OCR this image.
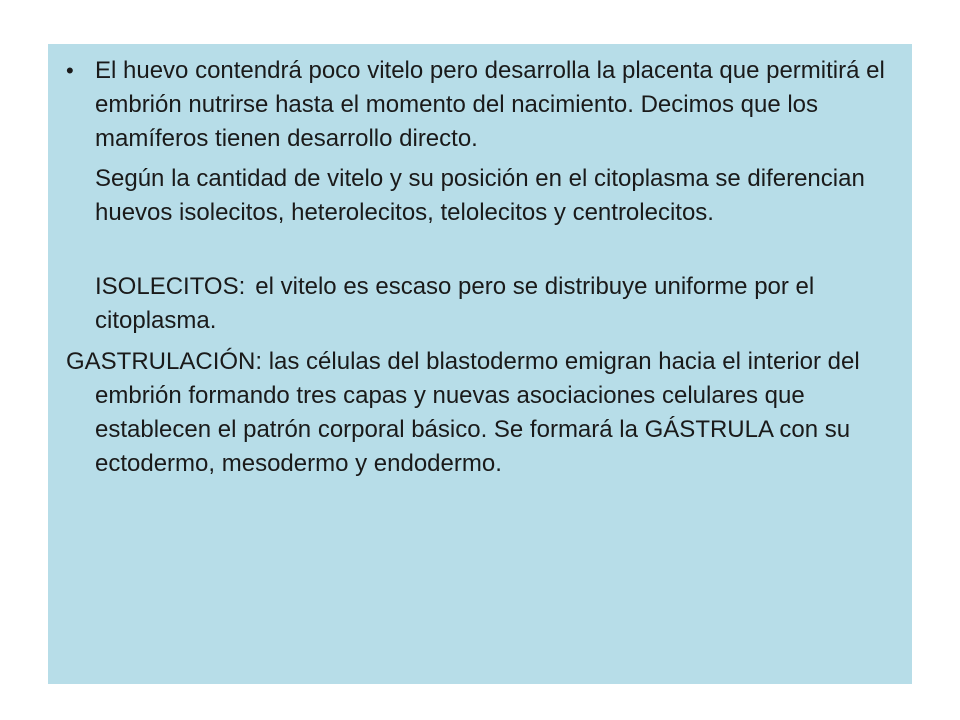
• El huevo contendrá poco vitelo pero desarrolla la placenta que permitirá el embrión nutrirse hasta el momento del nacimiento. Decimos que los mamíferos tienen desarrollo directo.

Según la cantidad de vitelo y su posición en el citoplasma se diferencian huevos isolecitos, heterolecitos, telolecitos y centrolecitos.

ISOLECITOS: el vitelo es escaso pero se distribuye uniforme por el citoplasma.

GASTRULACIÓN: las células del blastodermo emigran hacia el interior del embrión formando tres capas y nuevas asociaciones celulares que establecen el patrón corporal básico. Se formará la GÁSTRULA con su ectodermo, mesodermo y endodermo.
